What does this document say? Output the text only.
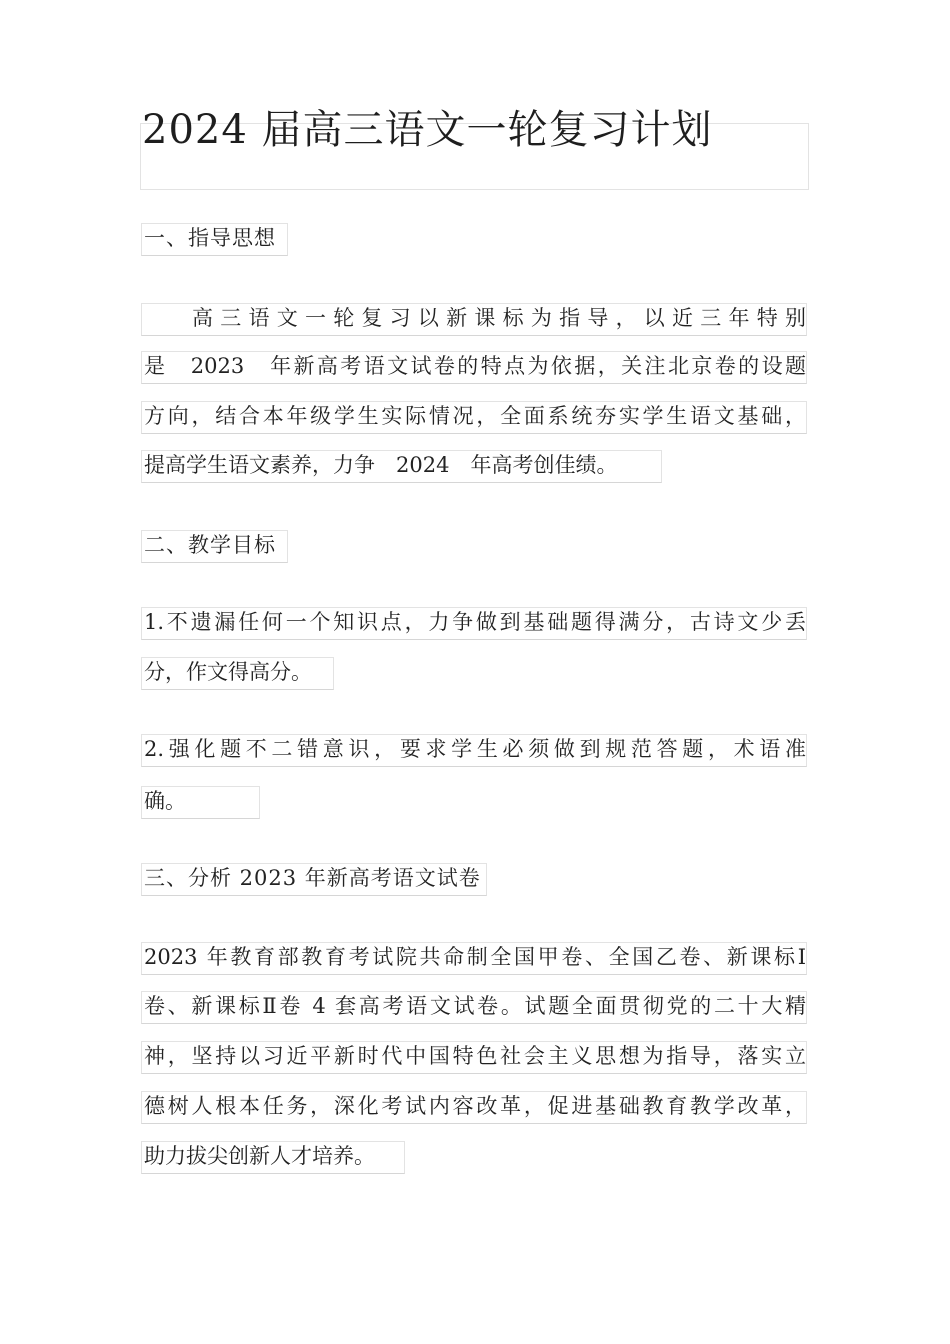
2024 届高三语文一轮复习计划
一、指导思想
高 三 语 文 一 轮 复 习 以 新 课 标 为 指 导 ， 以 近 三 年 特 别
是　2023　年新高考语文试卷的特点为依据，关注北京卷的设题
方向，结合本年级学生实际情况，全面系统夯实学生语文基础，
提高学生语文素养，力争　2024　年高考创佳绩。
二、教学目标
1.不遗漏任何一个知识点，力争做到基础题得满分，古诗文少丢
分，作文得高分。
2.强化题不二错意识，要求学生必须做到规范答题，术语准
确。
三、分析 2023 年新高考语文试卷
2023 年教育部教育考试院共命制全国甲卷、全国乙卷、新课标Ⅰ
卷、新课标Ⅱ卷 4 套高考语文试卷。试题全面贯彻党的二十大精
神，坚持以习近平新时代中国特色社会主义思想为指导，落实立
德树人根本任务，深化考试内容改革，促进基础教育教学改革，
助力拔尖创新人才培养。
